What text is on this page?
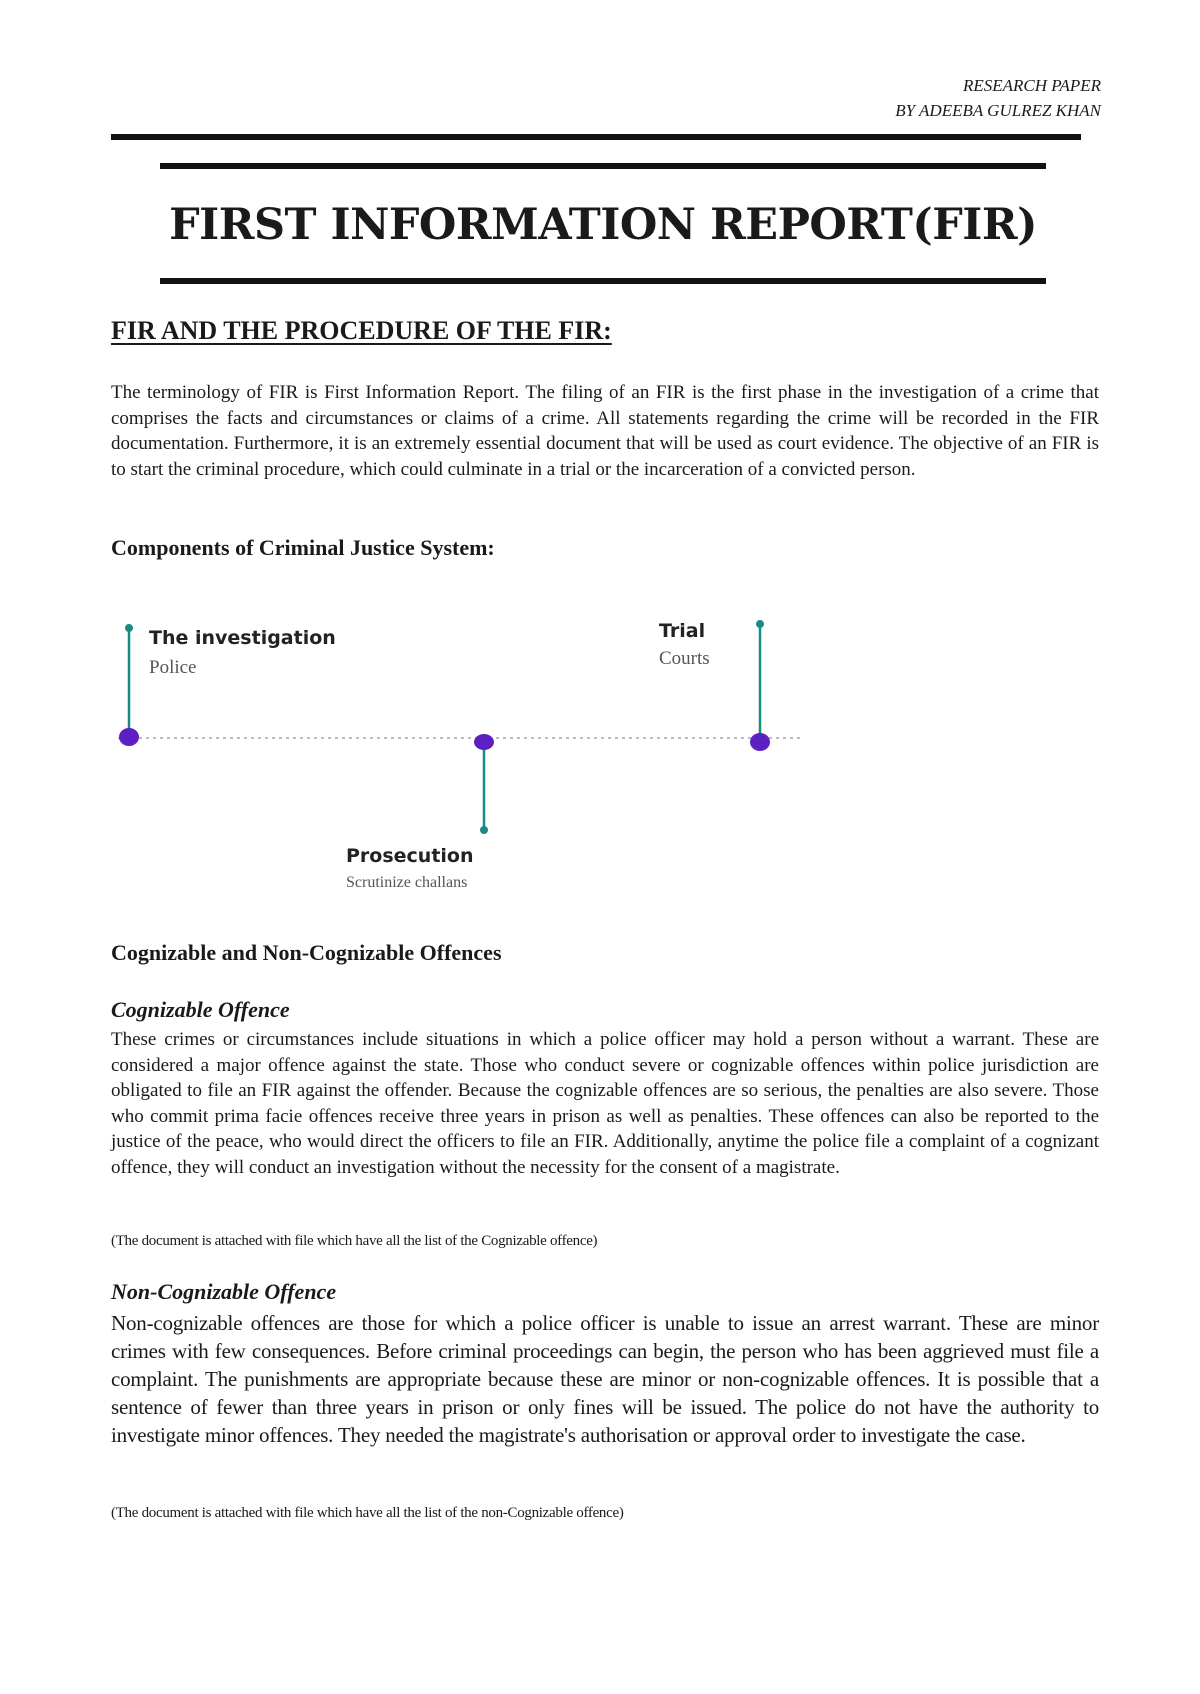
RESEARCH PAPER
BY ADEEBA GULREZ KHAN
FIRST INFORMATION REPORT(FIR)
FIR AND THE PROCEDURE OF THE FIR:
The terminology of FIR is First Information Report. The filing of an FIR is the first phase in the investigation of a crime that comprises the facts and circumstances or claims of a crime. All statements regarding the crime will be recorded in the FIR documentation. Furthermore, it is an extremely essential document that will be used as court evidence. The objective of an FIR is to start the criminal procedure, which could culminate in a trial or the incarceration of a convicted person.
Components of Criminal Justice System:
The investigation
Police
Prosecution
Scrutinize challans
Trial
Courts
Cognizable and Non-Cognizable Offences
Cognizable Offence
These crimes or circumstances include situations in which a police officer may hold a person without a warrant. These are considered a major offence against the state. Those who conduct severe or cognizable offences within police jurisdiction are obligated to file an FIR against the offender. Because the cognizable offences are so serious, the penalties are also severe. Those who commit prima facie offences receive three years in prison as well as penalties. These offences can also be reported to the justice of the peace, who would direct the officers to file an FIR. Additionally, anytime the police file a complaint of a cognizant offence, they will conduct an investigation without the necessity for the consent of a magistrate.
(The document is attached with file which have all the list of the Cognizable offence)
Non-Cognizable Offence
Non-cognizable offences are those for which a police officer is unable to issue an arrest warrant. These are minor crimes with few consequences. Before criminal proceedings can begin, the person who has been aggrieved must file a complaint. The punishments are appropriate because these are minor or non-cognizable offences. It is possible that a sentence of fewer than three years in prison or only fines will be issued. The police do not have the authority to investigate minor offences. They needed the magistrate's authorisation or approval order to investigate the case.
(The document is attached with file which have all the list of the non-Cognizable offence)
